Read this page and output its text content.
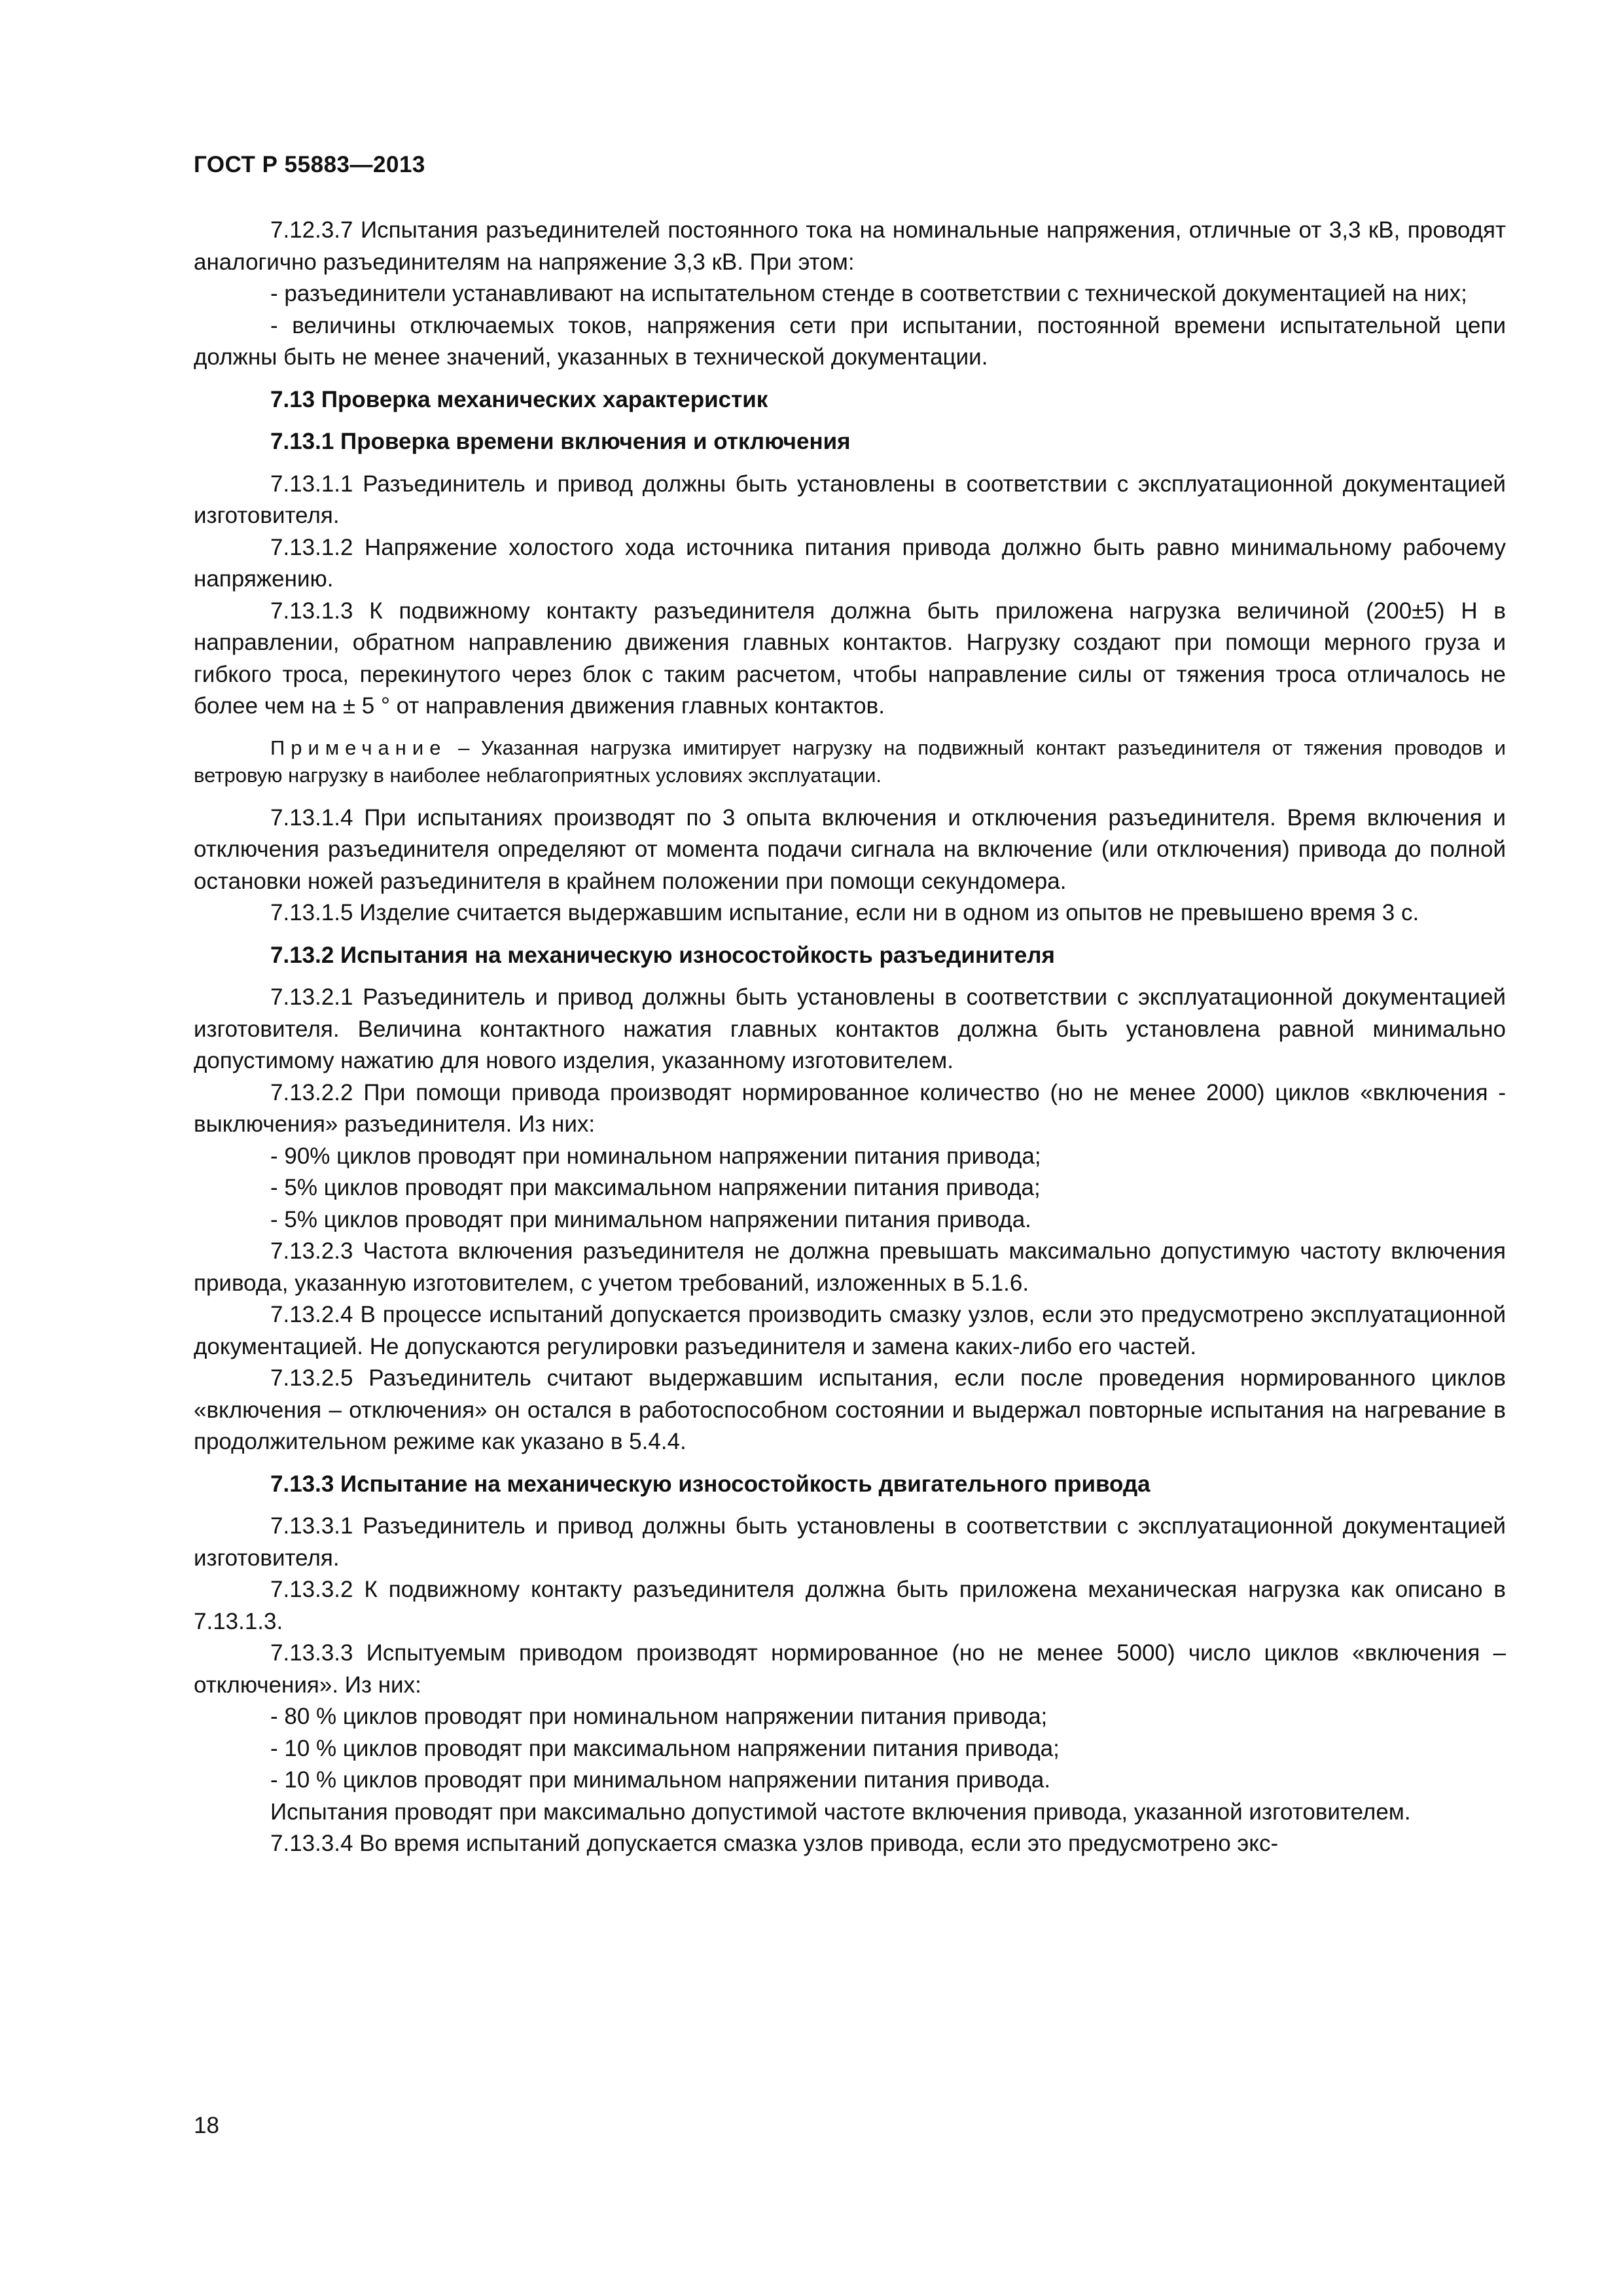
ГОСТ Р 55883—2013

7.12.3.7 Испытания разъединителей постоянного тока на номинальные напряжения, отличные от 3,3 кВ, проводят аналогично разъединителям на напряжение 3,3 кВ. При этом:

- разъединители устанавливают на испытательном стенде в соответствии с технической документацией на них;

- величины отключаемых токов, напряжения сети при испытании, постоянной времени испытательной цепи должны быть не менее значений, указанных в технической документации.

7.13 Проверка механических характеристик

7.13.1 Проверка времени включения и отключения

7.13.1.1 Разъединитель и привод должны быть установлены в соответствии с эксплуатационной документацией изготовителя.

7.13.1.2 Напряжение холостого хода источника питания привода должно быть равно минимальному рабочему напряжению.

7.13.1.3 К подвижному контакту разъединителя должна быть приложена нагрузка величиной (200±5) Н в направлении, обратном направлению движения главных контактов. Нагрузку создают при помощи мерного груза и гибкого троса, перекинутого через блок с таким расчетом, чтобы направление силы от тяжения троса отличалось не более чем на ± 5 ° от направления движения главных контактов.

Примечание – Указанная нагрузка имитирует нагрузку на подвижный контакт разъединителя от тяжения проводов и ветровую нагрузку в наиболее неблагоприятных условиях эксплуатации.

7.13.1.4 При испытаниях производят по 3 опыта включения и отключения разъединителя. Время включения и отключения разъединителя определяют от момента подачи сигнала на включение (или отключения) привода до полной остановки ножей разъединителя в крайнем положении при помощи секундомера.

7.13.1.5 Изделие считается выдержавшим испытание, если ни в одном из опытов не превышено время 3 с.

7.13.2 Испытания на механическую износостойкость разъединителя

7.13.2.1 Разъединитель и привод должны быть установлены в соответствии с эксплуатационной документацией изготовителя. Величина контактного нажатия главных контактов должна быть установлена равной минимально допустимому нажатию для нового изделия, указанному изготовителем.

7.13.2.2 При помощи привода производят нормированное количество (но не менее 2000) циклов «включения - выключения» разъединителя. Из них:

- 90% циклов проводят при номинальном напряжении питания привода;

- 5% циклов проводят при максимальном напряжении питания привода;

- 5% циклов проводят при минимальном напряжении питания привода.

7.13.2.3 Частота включения разъединителя не должна превышать максимально допустимую частоту включения привода, указанную изготовителем, с учетом требований, изложенных в 5.1.6.

7.13.2.4 В процессе испытаний допускается производить смазку узлов, если это предусмотрено эксплуатационной документацией. Не допускаются регулировки разъединителя и замена каких-либо его частей.

7.13.2.5 Разъединитель считают выдержавшим испытания, если после проведения нормированного циклов «включения – отключения» он остался в работоспособном состоянии и выдержал повторные испытания на нагревание в продолжительном режиме как указано в 5.4.4.

7.13.3 Испытание на механическую износостойкость двигательного привода

7.13.3.1 Разъединитель и привод должны быть установлены в соответствии с эксплуатационной документацией изготовителя.

7.13.3.2 К подвижному контакту разъединителя должна быть приложена механическая нагрузка как описано в 7.13.1.3.

7.13.3.3 Испытуемым приводом производят нормированное (но не менее 5000) число циклов «включения – отключения». Из них:

- 80 % циклов проводят при номинальном напряжении питания привода;

- 10 % циклов проводят при максимальном напряжении питания привода;

- 10 % циклов проводят при минимальном напряжении питания привода.

Испытания проводят при максимально допустимой частоте включения привода, указанной изготовителем.

7.13.3.4 Во время испытаний допускается смазка узлов привода, если это предусмотрено экс-

18
